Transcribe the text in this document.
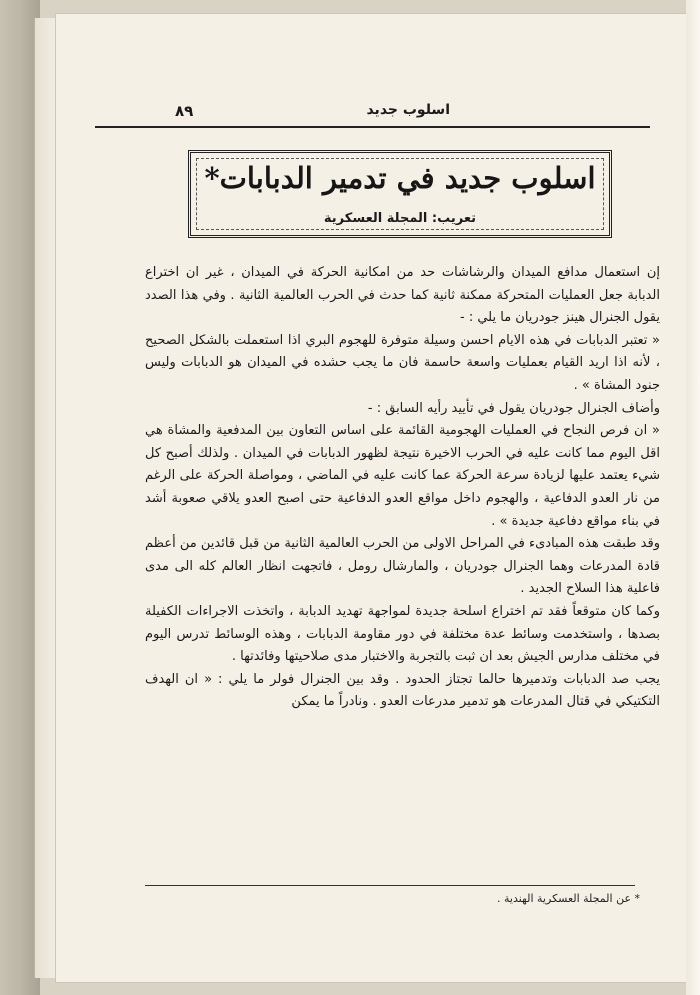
اسلوب جديد
٨٩
اسلوب جديد في تدمير الدبابات*
تعريب: المجلة العسكرية

إن استعمال مدافع الميدان والرشاشات حد من امكانية الحركة في الميدان ، غير ان اختراع الدبابة جعل العمليات المتحركة ممكنة ثانية كما حدث في الحرب العالمية الثانية . وفي هذا الصدد يقول الجنرال هينز جودريان ما يلي : -

« تعتبر الدبابات في هذه الايام احسن وسيلة متوفرة للهجوم البري اذا استعملت بالشكل الصحيح ، لأنه اذا اريد القيام بعمليات واسعة حاسمة فان ما يجب حشده في الميدان هو الدبابات وليس جنود المشاة » .

وأضاف الجنرال جودريان يقول في تأييد رأيه السابق : -

« ان فرص النجاح في العمليات الهجومية القائمة على اساس التعاون بين المدفعية والمشاة هي اقل اليوم مما كانت عليه في الحرب الاخيرة نتيجة لظهور الدبابات في الميدان . ولذلك أصبح كل شيء يعتمد عليها لزيادة سرعة الحركة عما كانت عليه في الماضي ، ومواصلة الحركة على الرغم من نار العدو الدفاعية ، والهجوم داخل مواقع العدو الدفاعية حتى اصبح العدو يلاقي صعوبة أشد في بناء مواقع دفاعية جديدة » .

وقد طبقت هذه المبادىء في المراحل الاولى من الحرب العالمية الثانية من قبل قائدين من أعظم قادة المدرعات وهما الجنرال جودريان ، والمارشال رومل ، فاتجهت انظار العالم كله الى مدى فاعلية هذا السلاح الجديد .

وكما كان متوقعاً فقد تم اختراع اسلحة جديدة لمواجهة تهديد الدبابة ، واتخذت الاجراءات الكفيلة بصدها ، واستخدمت وسائط عدة مختلفة في دور مقاومة الدبابات ، وهذه الوسائط تدرس اليوم في مختلف مدارس الجيش بعد ان ثبت بالتجربة والاختبار مدى صلاحيتها وفائدتها .

يجب صد الدبابات وتدميرها حالما تجتاز الحدود . وقد بين الجنرال فولر ما يلي : « ان الهدف التكتيكي في قتال المدرعات هو تدمير مدرعات العدو . ونادراً ما يمكن

* عن المجلة العسكرية الهندية .
